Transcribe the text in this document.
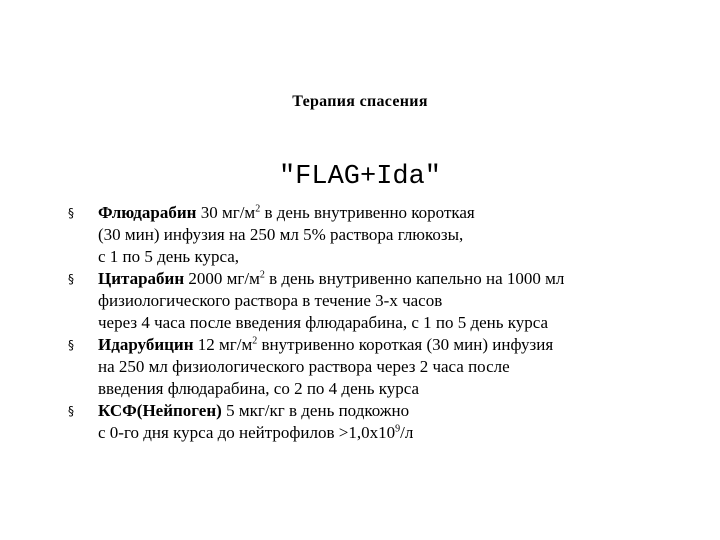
Терапия спасения
"FLAG+Ida"
§ Флюдарабин 30 $мг/м^2$ в день внутривенно короткая
(30 мин) инфузия на 250 мл 5% раствора глюкозы,
с 1 по 5 день курса,
§ Цитарабин 2000 $мг/м^2$ в день внутривенно капельно на 1000 мл
физиологического раствора в течение 3-х часов
через 4 часа после введения флюдарабина, с 1 по 5 день курса
§ Идарубицин 12 $мг/м^2$ внутривенно короткая (30 мин) инфузия
на 250 мл физиологического раствора через 2 часа после
введения флюдарабина, со 2 по 4 день курса
§ КСФ(Нейпоген) 5 мкг/кг в день подкожно
с 0-го дня курса до нейтрофилов $>1,0х10^9/л$
